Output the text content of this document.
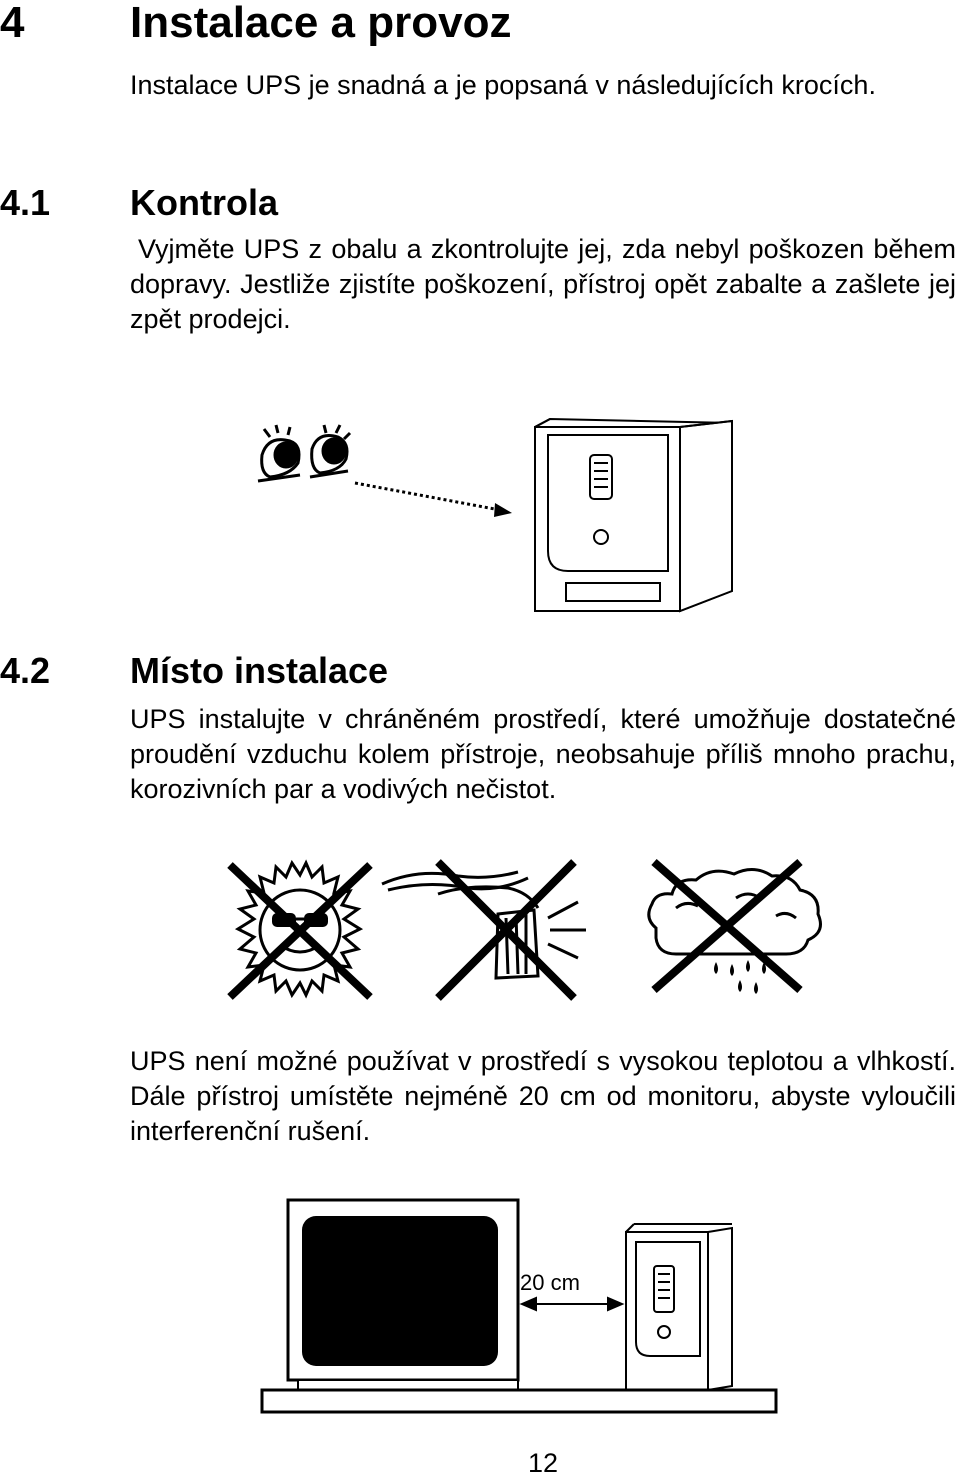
4 Instalace a provoz
Instalace UPS je snadná a je popsaná v následujících krocích.
4.1 Kontrola
Vyjměte UPS z obalu a zkontrolujte jej, zda nebyl poškozen během dopravy. Jestliže zjistíte poškození, přístroj opět zabalte a zašlete jej zpět prodejci.
4.2 Místo instalace
UPS instalujte v chráněném prostředí, které umožňuje dostatečné proudění vzduchu kolem přístroje, neobsahuje příliš mnoho prachu, korozivních par a vodivých nečistot.
UPS není možné používat v prostředí s vysokou teplotou a vlhkostí. Dále přístroj umístěte nejméně 20 cm od monitoru, abyste vyloučili interferenční rušení.
20 cm
12
